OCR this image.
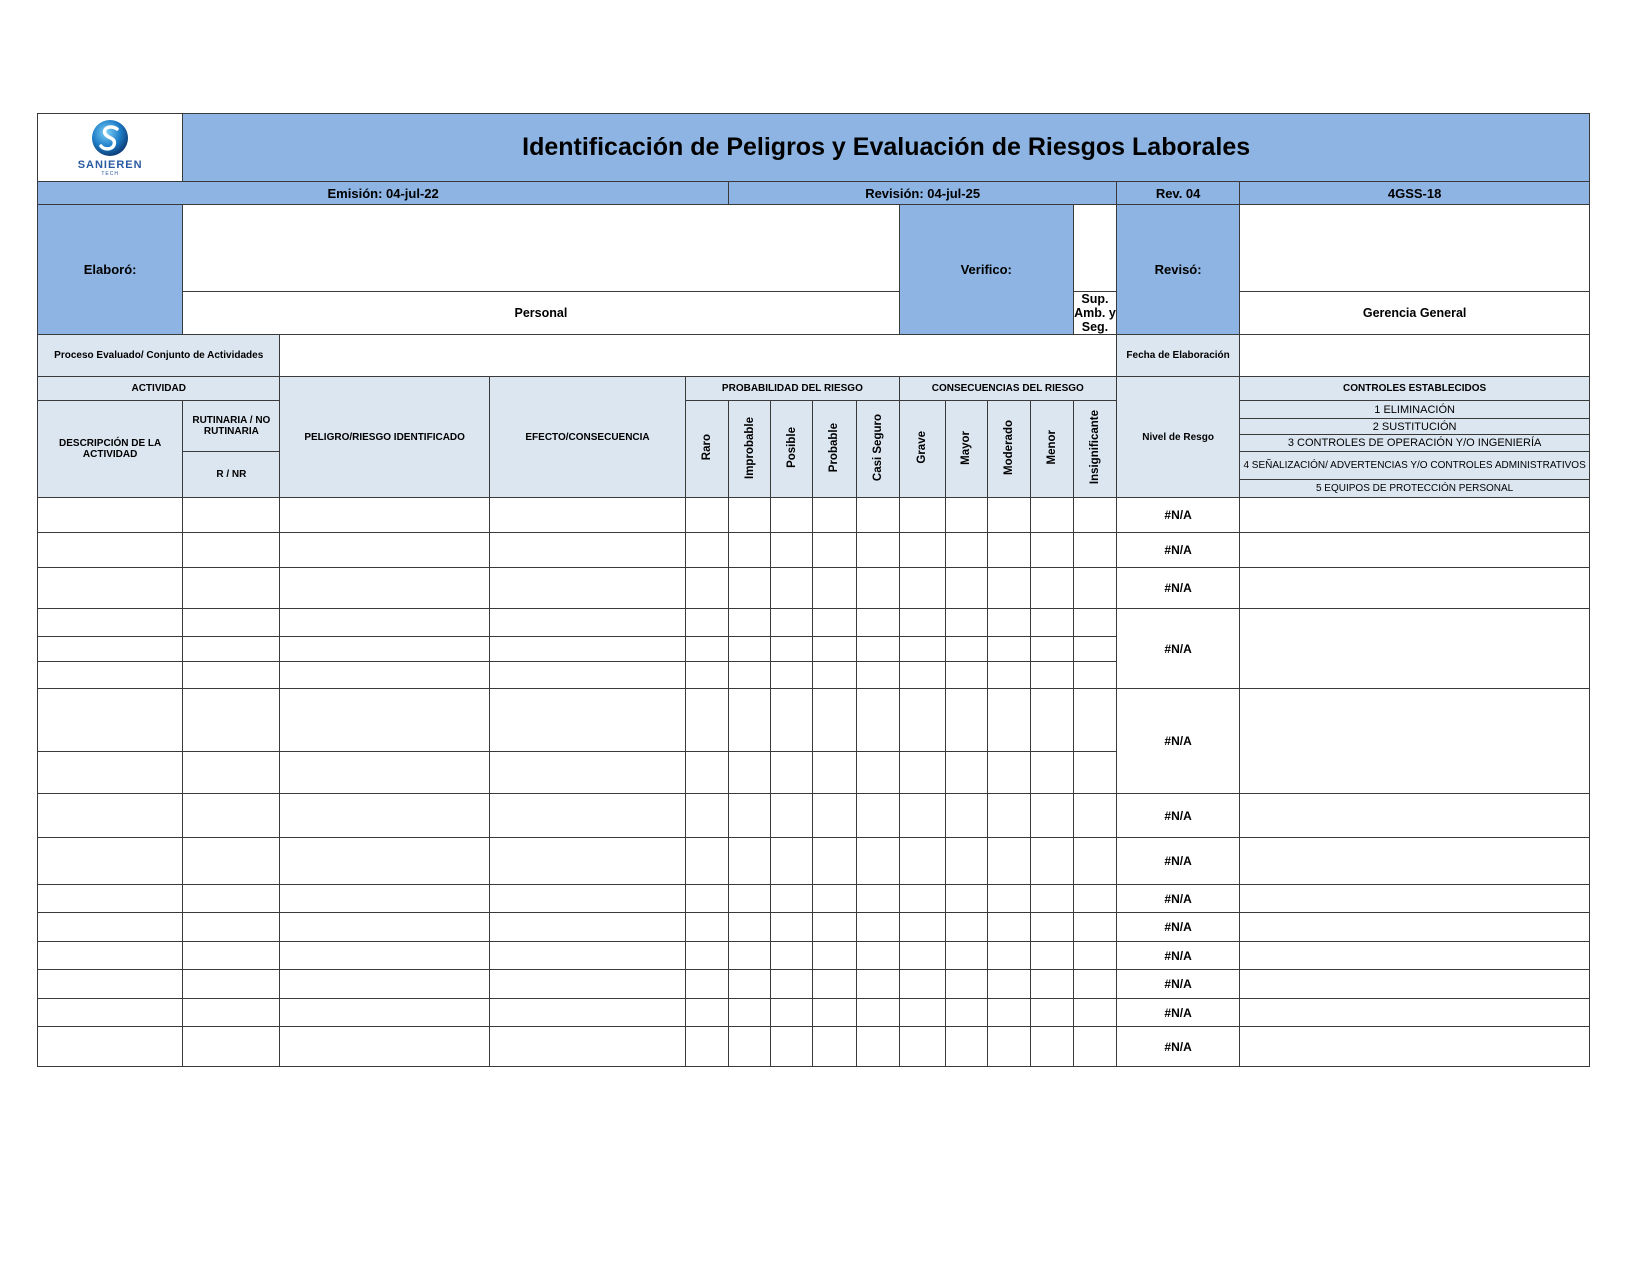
SANIEREN
TECH	Identificación de Peligros y Evaluación de Riesgos Laborales														
Emisión: 04-jul-22					Revisión: 04-jul-25									Rev. 04	4GSS-18
Elaboró:									Verifico:					Revisó:	
	Personal												Sup. Amb. y Seg.		Gerencia General
Proceso Evaluado/ Conjunto de Actividades														Fecha de Elaboración	
ACTIVIDAD		PELIGRO/RIESGO IDENTIFICADO	EFECTO/CONSECUENCIA	PROBABILIDAD DEL RIESGO					CONSECUENCIAS DEL RIESGO					Nivel de Resgo	CONTROLES ESTABLECIDOS
DESCRIPCIÓN DE LA ACTIVIDAD	RUTINARIA / NO RUTINARIA			Raro	Improbable	Posible	Probable	Casi Seguro	Grave	Mayor	Moderado	Menor	Insignificante		1 ELIMINACIÓN
															2 SUSTITUCIÓN
															3 CONTROLES DE OPERACIÓN Y/O INGENIERÍA
	R / NR														4 SEÑALIZACIÓN/ ADVERTENCIAS Y/O CONTROLES ADMINISTRATIVOS
															5 EQUIPOS DE PROTECCIÓN PERSONAL

														#N/A	
														#N/A	
														#N/A	
														#N/A	

														#N/A	

														#N/A	
														#N/A	
														#N/A	
														#N/A	
														#N/A	
														#N/A	
														#N/A	
														#N/A	
